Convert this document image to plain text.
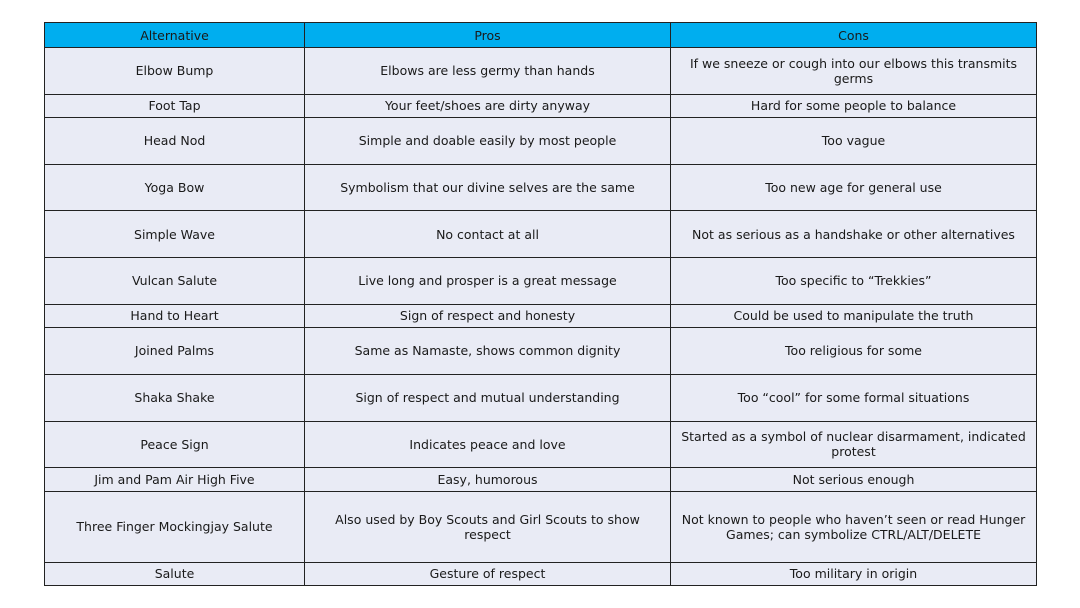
Alternative	Pros	Cons
Elbow Bump	Elbows are less germy than hands	If we sneeze or cough into our elbows this transmits germs
Foot Tap	Your feet/shoes are dirty anyway	Hard for some people to balance
Head Nod	Simple and doable easily by most people	Too vague
Yoga Bow	Symbolism that our divine selves are the same	Too new age for general use
Simple Wave	No contact at all	Not as serious as a handshake or other alternatives
Vulcan Salute	Live long and prosper is a great message	Too specific to “Trekkies”
Hand to Heart	Sign of respect and honesty	Could be used to manipulate the truth
Joined Palms	Same as Namaste, shows common dignity	Too religious for some
Shaka Shake	Sign of respect and mutual understanding	Too “cool” for some formal situations
Peace Sign	Indicates peace and love	Started as a symbol of nuclear disarmament, indicated protest
Jim and Pam Air High Five	Easy, humorous	Not serious enough
Three Finger Mockingjay Salute	Also used by Boy Scouts and Girl Scouts to show respect	Not known to people who haven’t seen or read Hunger Games; can symbolize CTRL/ALT/DELETE
Salute	Gesture of respect	Too military in origin
